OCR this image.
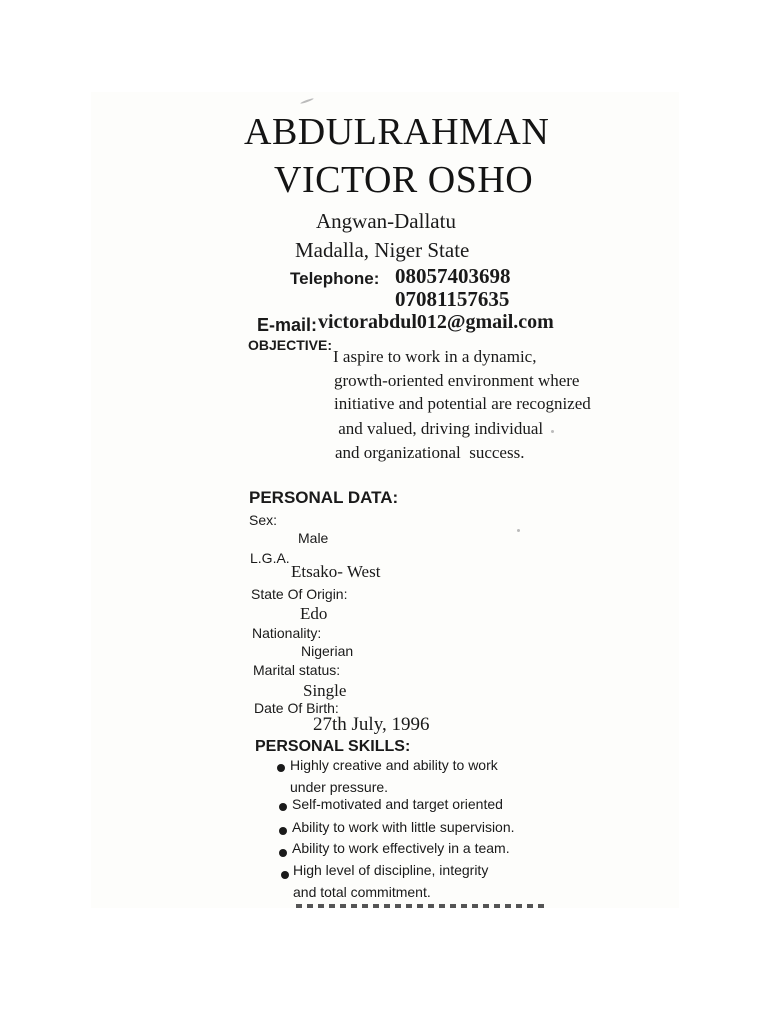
ABDULRAHMAN
VICTOR OSHO
Angwan-Dallatu
Madalla, Niger State
Telephone: 08057403698
07081157635
E-mail: victorabdul012@gmail.com
OBJECTIVE:
I aspire to work in a dynamic,
growth-oriented environment where
initiative and potential are recognized
and valued, driving individual
and organizational  success.
PERSONAL DATA:
Sex:
Male
L.G.A.
Etsako- West
State Of Origin:
Edo
Nationality:
Nigerian
Marital status:
Single
Date Of Birth:
27th July, 1996
PERSONAL SKILLS:
Highly creative and ability to work
under pressure.
Self-motivated and target oriented
Ability to work with little supervision.
Ability to work effectively in a team.
High level of discipline, integrity
and total commitment.
